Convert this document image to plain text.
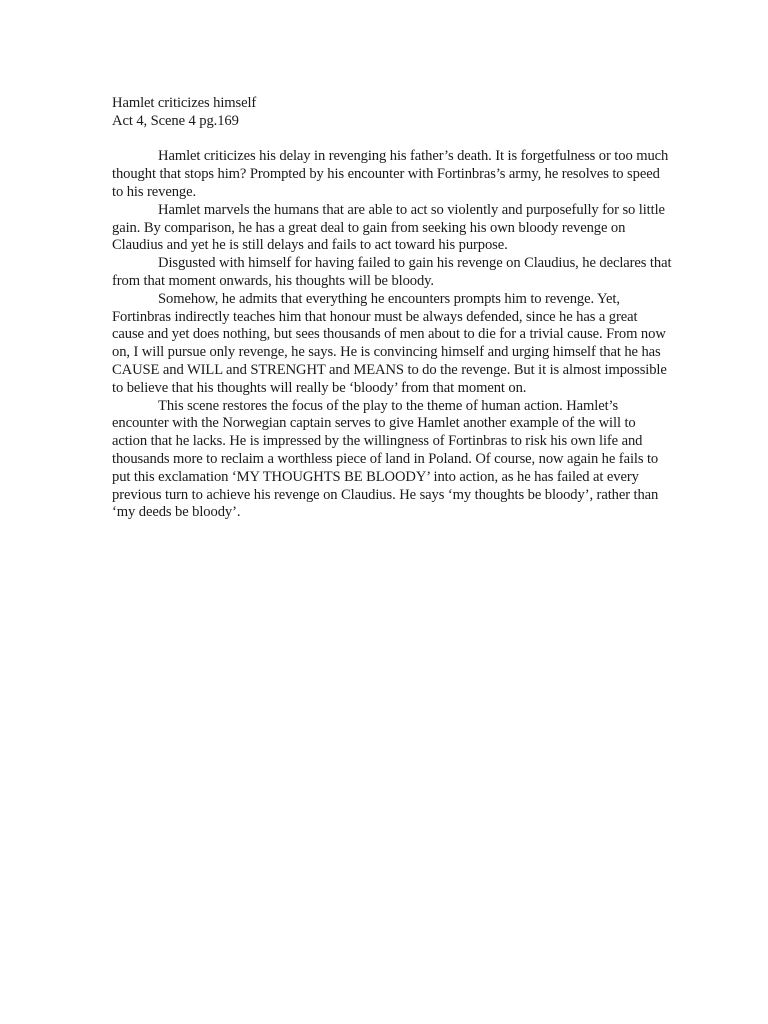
Hamlet criticizes himself

Act 4, Scene 4 pg.169

Hamlet criticizes his delay in revenging his father’s death. It is forgetfulness or too much thought that stops him? Prompted by his encounter with Fortinbras’s army, he resolves to speed to his revenge.

Hamlet marvels the humans that are able to act so violently and purposefully for so little gain. By comparison, he has a great deal to gain from seeking his own bloody revenge on Claudius and yet he is still delays and fails to act toward his purpose.

Disgusted with himself for having failed to gain his revenge on Claudius, he declares that from that moment onwards, his thoughts will be bloody.

Somehow, he admits that everything he encounters prompts him to revenge. Yet, Fortinbras indirectly teaches him that honour must be always defended, since he has a great cause and yet does nothing, but sees thousands of men about to die for a trivial cause. From now on, I will pursue only revenge, he says. He is convincing himself and urging himself that he has CAUSE and WILL and STRENGHT and MEANS to do the revenge. But it is almost impossible to believe that his thoughts will really be ‘bloody’ from that moment on.

This scene restores the focus of the play to the theme of human action. Hamlet’s encounter with the Norwegian captain serves to give Hamlet another example of the will to action that he lacks. He is impressed by the willingness of Fortinbras to risk his own life and thousands more to reclaim a worthless piece of land in Poland. Of course, now again he fails to put this exclamation ‘MY THOUGHTS BE BLOODY’ into action, as he has failed at every previous turn to achieve his revenge on Claudius. He says ‘my thoughts be bloody’, rather than ‘my deeds be bloody’.
